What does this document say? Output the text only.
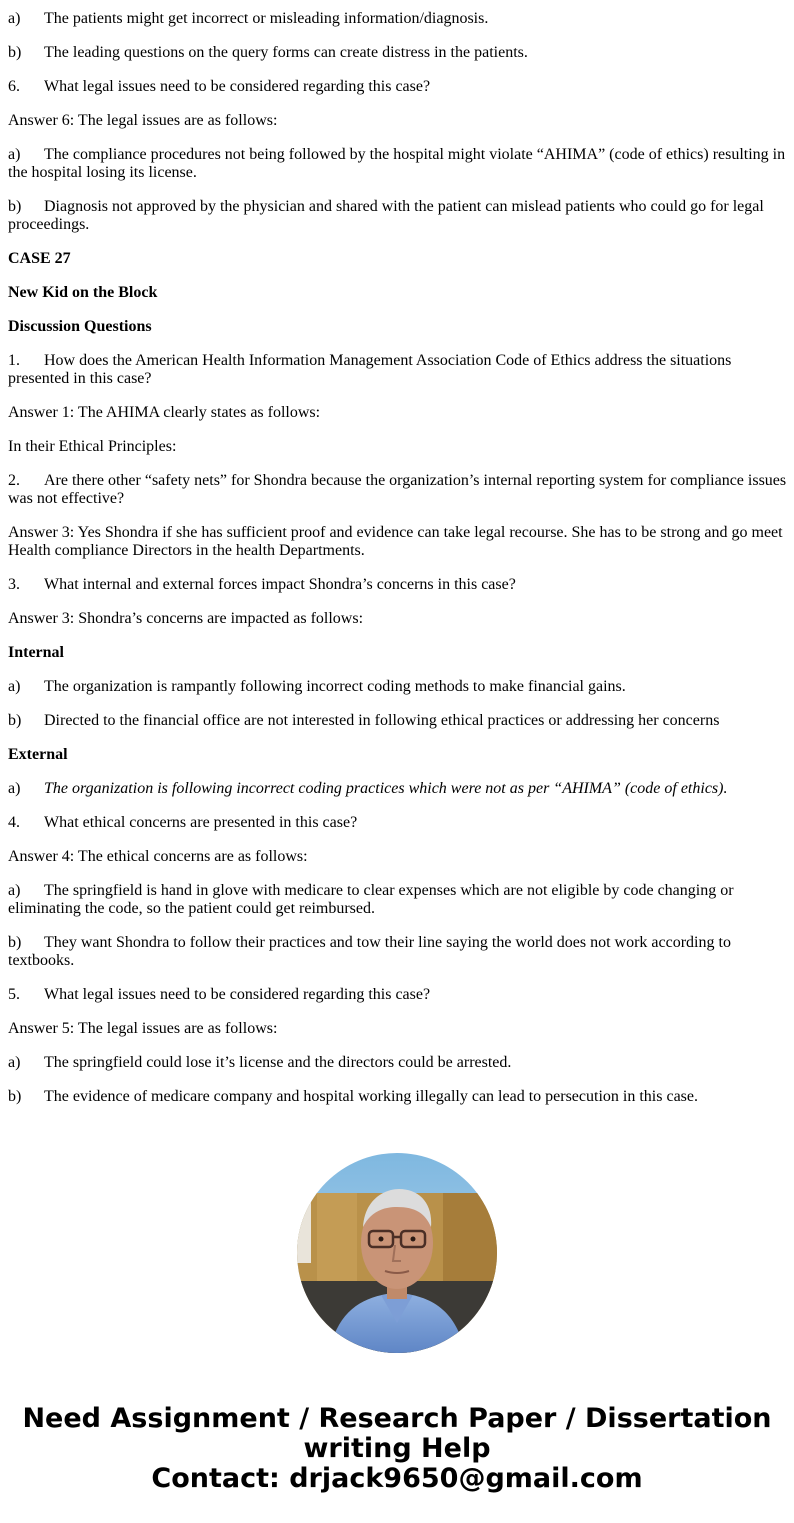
a) The patients might get incorrect or misleading information/diagnosis.

b) The leading questions on the query forms can create distress in the patients.

6. What legal issues need to be considered regarding this case?

Answer 6: The legal issues are as follows:

a) The compliance procedures not being followed by the hospital might violate “AHIMA” (code of ethics) resulting in the hospital losing its license.

b) Diagnosis not approved by the physician and shared with the patient can mislead patients who could go for legal proceedings.

CASE 27

New Kid on the Block

Discussion Questions

1. How does the American Health Information Management Association Code of Ethics address the situations presented in this case?

Answer 1: The AHIMA clearly states as follows:

In their Ethical Principles:

2. Are there other “safety nets” for Shondra because the organization’s internal reporting system for compliance issues was not effective?

Answer 3: Yes Shondra if she has sufficient proof and evidence can take legal recourse. She has to be strong and go meet Health compliance Directors in the health Departments.

3. What internal and external forces impact Shondra’s concerns in this case?

Answer 3: Shondra’s concerns are impacted as follows:

Internal

a) The organization is rampantly following incorrect coding methods to make financial gains.

b) Directed to the financial office are not interested in following ethical practices or addressing her concerns

External

a) The organization is following incorrect coding practices which were not as per “AHIMA” (code of ethics).

4. What ethical concerns are presented in this case?

Answer 4: The ethical concerns are as follows:

a) The springfield is hand in glove with medicare to clear expenses which are not eligible by code changing or eliminating the code, so the patient could get reimbursed.

b) They want Shondra to follow their practices and tow their line saying the world does not work according to textbooks.

5. What legal issues need to be considered regarding this case?

Answer 5: The legal issues are as follows:

a) The springfield could lose it’s license and the directors could be arrested.

b) The evidence of medicare company and hospital working illegally can lead to persecution in this case.

Need Assignment / Research Paper / Dissertation
writing Help
Contact: drjack9650@gmail.com
